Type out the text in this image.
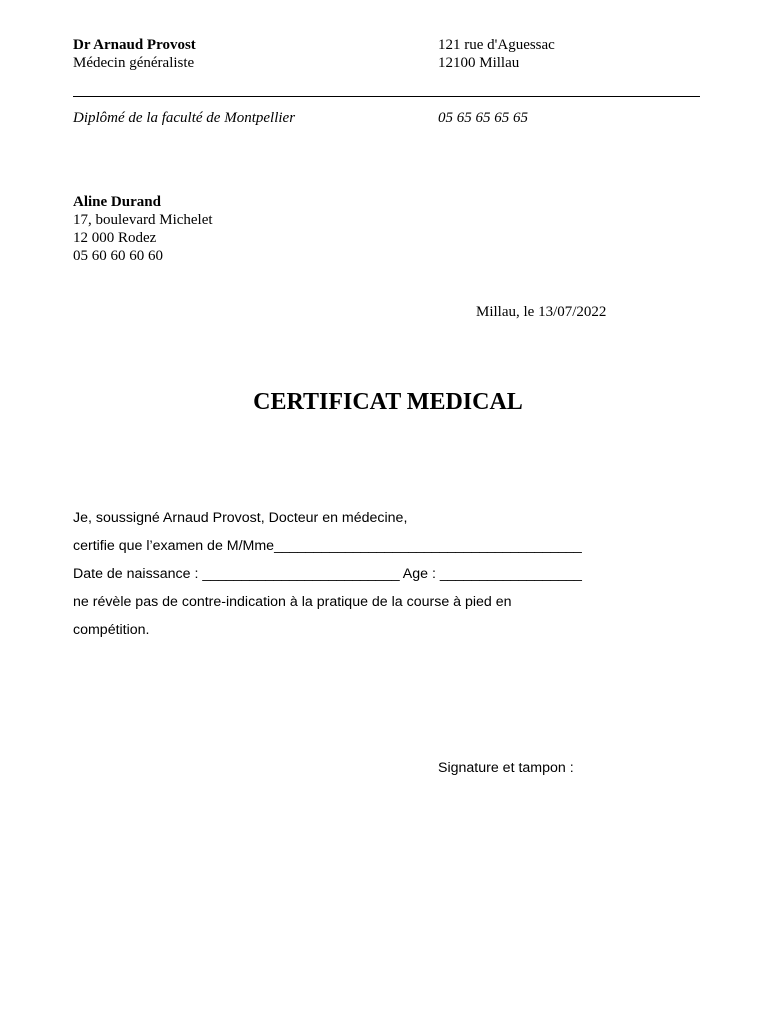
Dr Arnaud Provost
Médecin généraliste
121 rue d'Aguessac
12100 Millau
Diplômé de la faculté de Montpellier	05 65 65 65 65
Aline Durand
17, boulevard Michelet
12 000 Rodez
05 60 60 60 60
Millau, le 13/07/2022
CERTIFICAT MEDICAL
Je, soussigné Arnaud Provost, Docteur en médecine,
certifie que l’examen de M/Mme_______________________________________
Date de naissance : _________________________ Age : __________________
ne révèle pas de contre-indication à la pratique de la course à pied en
compétition.
Signature et tampon :
